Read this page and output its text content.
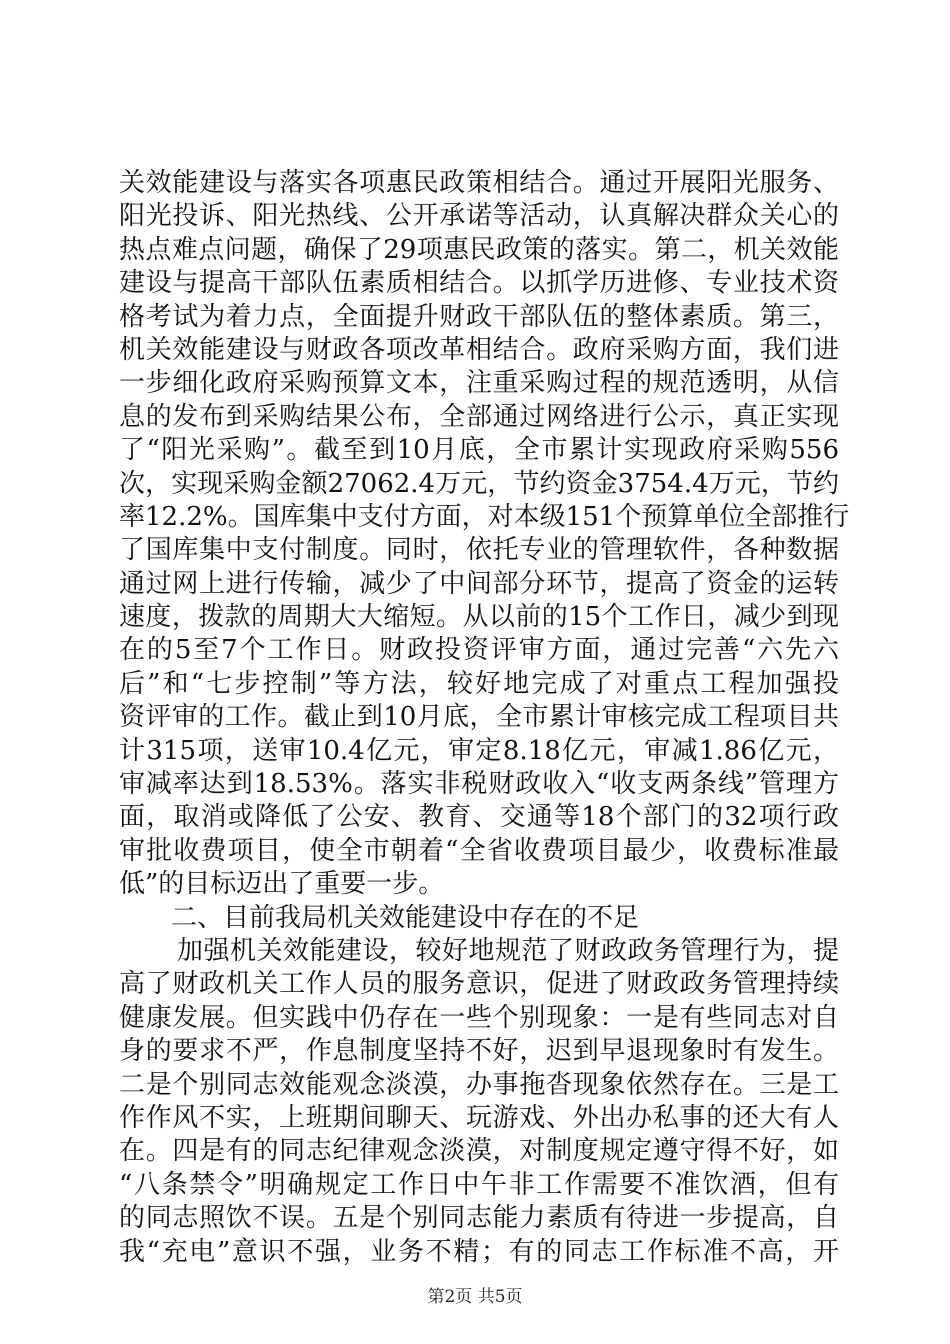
关效能建设与落实各项惠民政策相结合。通过开展阳光服务、
阳光投诉、阳光热线、公开承诺等活动，认真解决群众关心的
热点难点问题，确保了29项惠民政策的落实。第二，机关效能
建设与提高干部队伍素质相结合。以抓学历进修、专业技术资
格考试为着力点，全面提升财政干部队伍的整体素质。第三，
机关效能建设与财政各项改革相结合。政府采购方面，我们进
一步细化政府采购预算文本，注重采购过程的规范透明，从信
息的发布到采购结果公布，全部通过网络进行公示，真正实现
了“阳光采购”。截至到10月底，全市累计实现政府采购556
次，实现采购金额27062.4万元，节约资金3754.4万元，节约
率12.2%。国库集中支付方面，对本级151个预算单位全部推行
了国库集中支付制度。同时，依托专业的管理软件，各种数据
通过网上进行传输，减少了中间部分环节，提高了资金的运转
速度，拨款的周期大大缩短。从以前的15个工作日，减少到现
在的5至7个工作日。财政投资评审方面，通过完善“六先六
后”和“七步控制”等方法，较好地完成了对重点工程加强投
资评审的工作。截止到10月底，全市累计审核完成工程项目共
计315项，送审10.4亿元，审定8.18亿元，审减1.86亿元，
审减率达到18.53%。落实非税财政收入“收支两条线”管理方
面，取消或降低了公安、教育、交通等18个部门的32项行政
审批收费项目，使全市朝着“全省收费项目最少，收费标准最
低”的目标迈出了重要一步。
二、目前我局机关效能建设中存在的不足
加强机关效能建设，较好地规范了财政政务管理行为，提
高了财政机关工作人员的服务意识，促进了财政政务管理持续
健康发展。但实践中仍存在一些个别现象：一是有些同志对自
身的要求不严，作息制度坚持不好，迟到早退现象时有发生。
二是个别同志效能观念淡漠，办事拖沓现象依然存在。三是工
作作风不实，上班期间聊天、玩游戏、外出办私事的还大有人
在。四是有的同志纪律观念淡漠，对制度规定遵守得不好，如
“八条禁令”明确规定工作日中午非工作需要不准饮酒，但有
的同志照饮不误。五是个别同志能力素质有待进一步提高，自
我“充电”意识不强，业务不精；有的同志工作标准不高，开
第2页 共5页
